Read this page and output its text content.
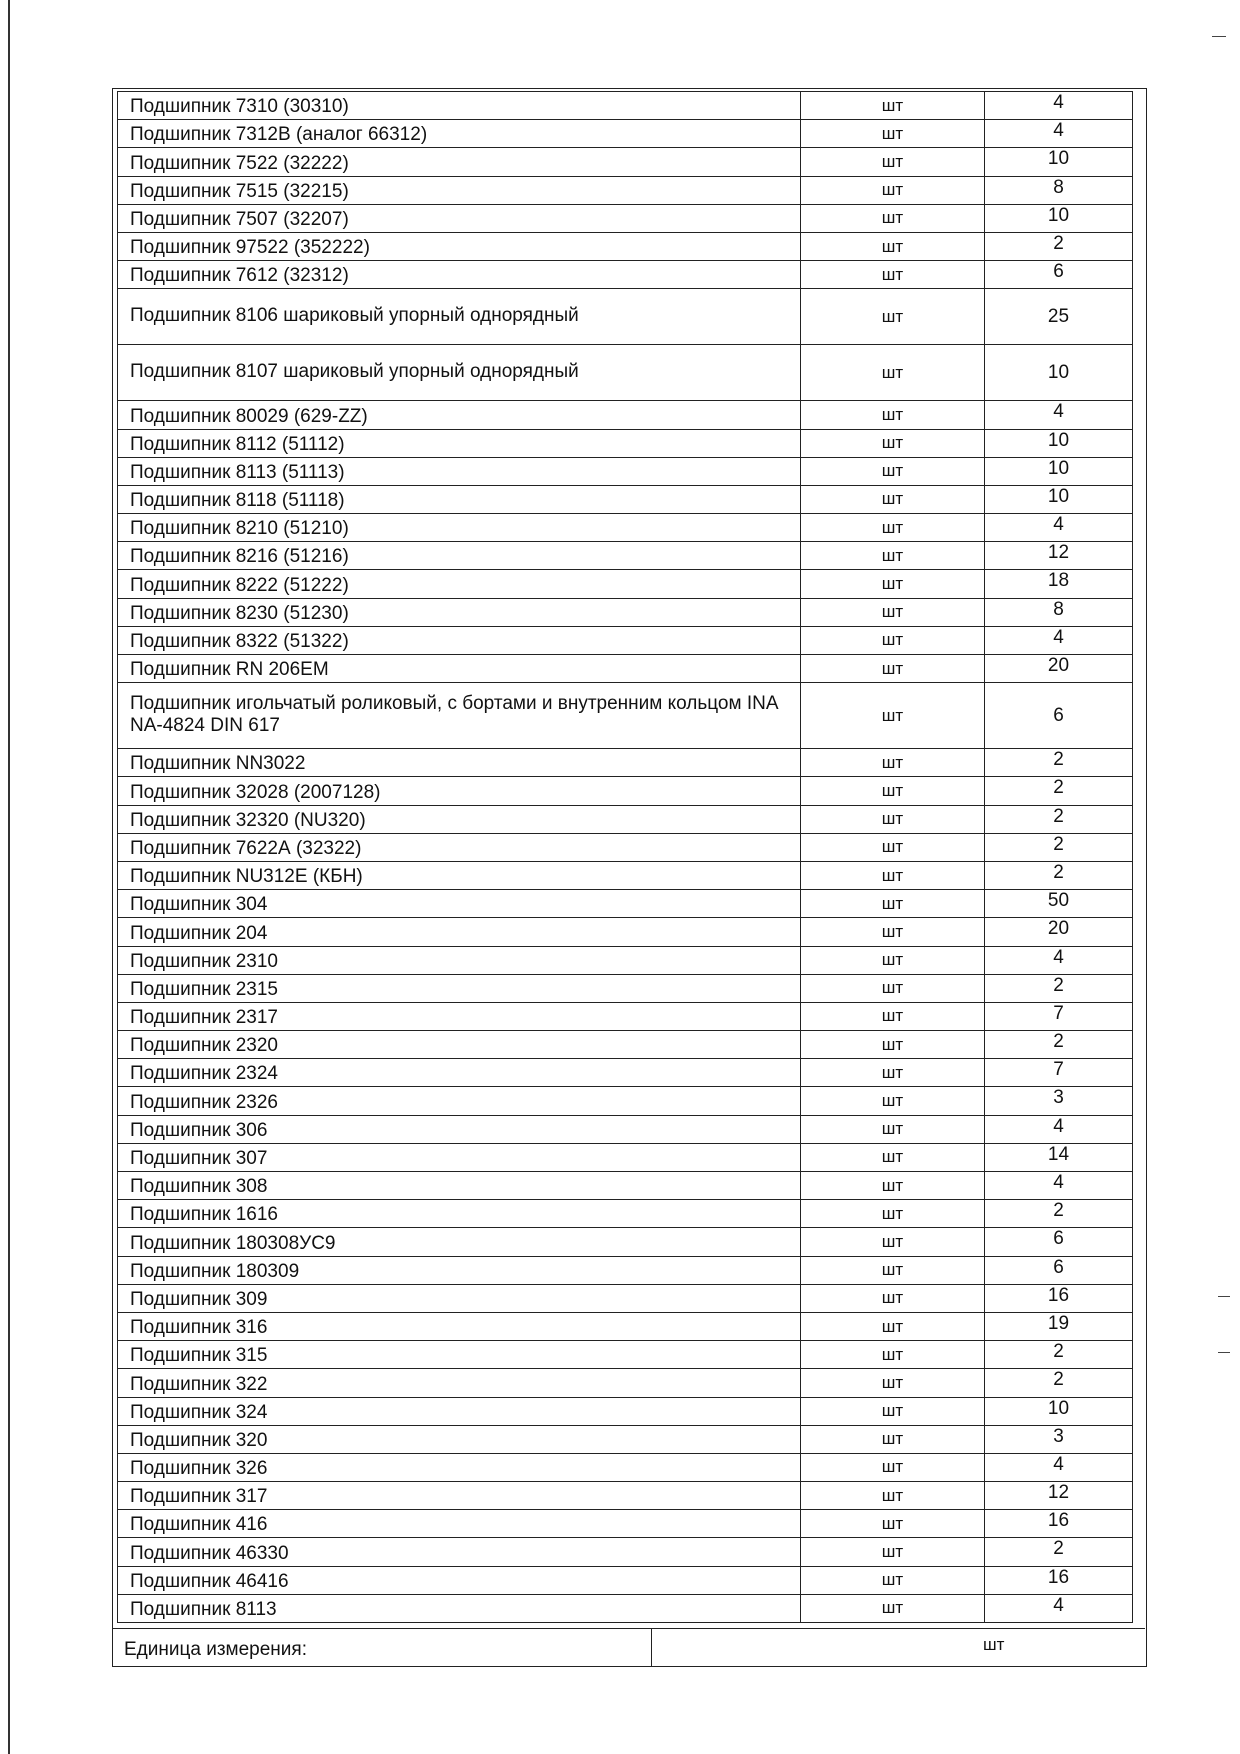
Подшипник 7310 (30310)	шт	4
Подшипник 7312В (аналог 66312)	шт	4
Подшипник 7522 (32222)	шт	10
Подшипник 7515 (32215)	шт	8
Подшипник 7507 (32207)	шт	10
Подшипник 97522 (352222)	шт	2
Подшипник 7612 (32312)	шт	6
Подшипник 8106 шариковый упорный однорядный	шт	25
Подшипник 8107 шариковый упорный однорядный	шт	10
Подшипник 80029 (629-ZZ)	шт	4
Подшипник 8112 (51112)	шт	10
Подшипник 8113 (51113)	шт	10
Подшипник 8118 (51118)	шт	10
Подшипник 8210 (51210)	шт	4
Подшипник 8216 (51216)	шт	12
Подшипник 8222 (51222)	шт	18
Подшипник 8230 (51230)	шт	8
Подшипник 8322 (51322)	шт	4
Подшипник RN 206ЕМ	шт	20
Подшипник игольчатый роликовый, с бортами и внутренним кольцом INA NA-4824 DIN 617	шт	6
Подшипник NN3022	шт	2
Подшипник 32028 (2007128)	шт	2
Подшипник 32320 (NU320)	шт	2
Подшипник 7622А (32322)	шт	2
Подшипник NU312E (КБН)	шт	2
Подшипник 304	шт	50
Подшипник 204	шт	20
Подшипник 2310	шт	4
Подшипник 2315	шт	2
Подшипник 2317	шт	7
Подшипник 2320	шт	2
Подшипник 2324	шт	7
Подшипник 2326	шт	3
Подшипник 306	шт	4
Подшипник 307	шт	14
Подшипник 308	шт	4
Подшипник 1616	шт	2
Подшипник 180308УС9	шт	6
Подшипник 180309	шт	6
Подшипник 309	шт	16
Подшипник 316	шт	19
Подшипник 315	шт	2
Подшипник 322	шт	2
Подшипник 324	шт	10
Подшипник 320	шт	3
Подшипник 326	шт	4
Подшипник 317	шт	12
Подшипник 416	шт	16
Подшипник 46330	шт	2
Подшипник 46416	шт	16
Подшипник 8113	шт	4
Единица измерения:	шт
